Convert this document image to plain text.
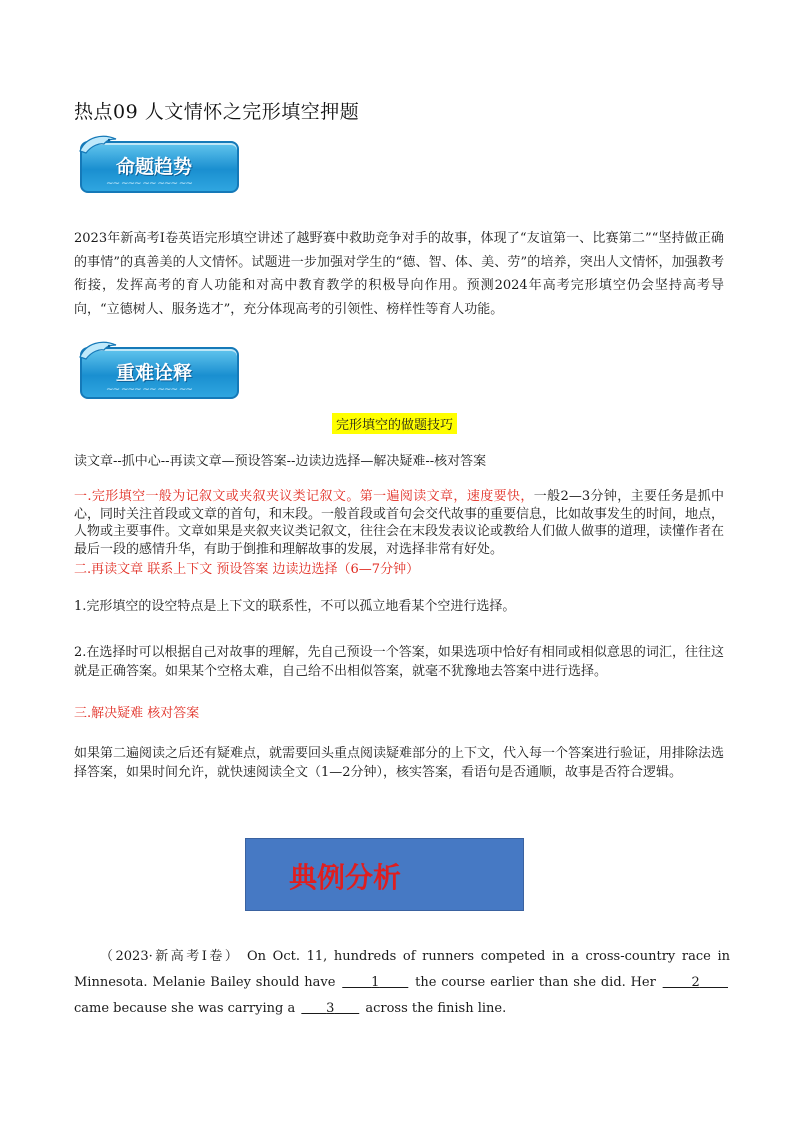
热点09 人文情怀之完形填空押题
命题趋势
~~ ~~~ ~~ ~~~ ~~
2023年新高考I卷英语完形填空讲述了越野赛中救助竞争对手的故事，体现了“友谊第一、比赛第二”“坚持做正确的事情”的真善美的人文情怀。试题进一步加强对学生的“德、智、体、美、劳”的培养，突出人文情怀，加强教考衔接，发挥高考的育人功能和对高中教育教学的积极导向作用。预测2024年高考完形填空仍会坚持高考导向，“立德树人、服务选才”，充分体现高考的引领性、榜样性等育人功能。
重难诠释
~~ ~~~ ~~ ~~~ ~~
完形填空的做题技巧
读文章--抓中心--再读文章—预设答案--边读边选择—解决疑难--核对答案
一.完形填空一般为记叙文或夹叙夹议类记叙文。第一遍阅读文章，速度要快，一般2—3分钟，主要任务是抓中心，同时关注首段或文章的首句，和末段。一般首段或首句会交代故事的重要信息，比如故事发生的时间，地点，人物或主要事件。文章如果是夹叙夹议类记叙文，往往会在末段发表议论或教给人们做人做事的道理，读懂作者在最后一段的感情升华，有助于倒推和理解故事的发展，对选择非常有好处。
二.再读文章 联系上下文 预设答案 边读边选择（6—7分钟）
1.完形填空的设空特点是上下文的联系性，不可以孤立地看某个空进行选择。
2.在选择时可以根据自己对故事的理解，先自己预设一个答案，如果选项中恰好有相同或相似意思的词汇，往往这就是正确答案。如果某个空格太难，自己给不出相似答案，就毫不犹豫地去答案中进行选择。
三.解决疑难 核对答案
如果第二遍阅读之后还有疑难点，就需要回头重点阅读疑难部分的上下文，代入每一个答案进行验证，用排除法选择答案，如果时间允许，就快速阅读全文（1—2分钟），核实答案，看语句是否通顺，故事是否符合逻辑。
典例分析
（2023·新高考I卷） On Oct. 11, hundreds of runners competed in a cross-country race in Minnesota. Melanie Bailey should have	1	the course earlier than she did. Her	2       came because she was carrying a 3 across the finish line.
